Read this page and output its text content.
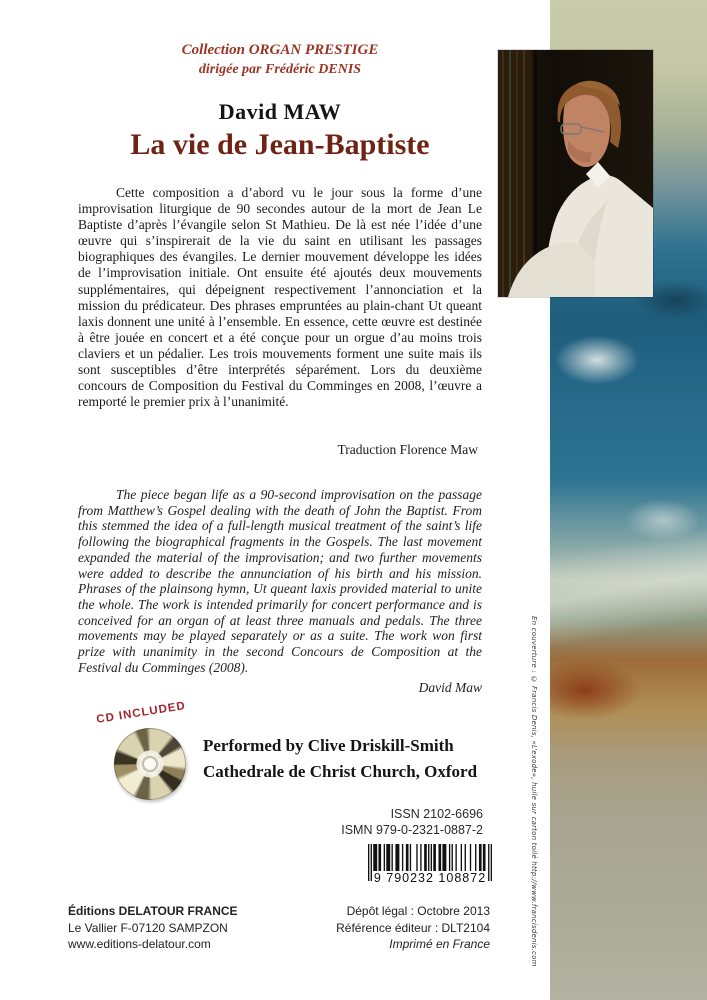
En couverture : © Francis Denis, «L’exode», huile sur carton toilé http://www.francisdenis.com
Collection ORGAN PRESTIGE
dirigée par Frédéric DENIS
David MAW
La vie de Jean-Baptiste
Cette composition a d’abord vu le jour sous la forme d’une improvisation liturgique de 90 secondes autour de la mort de Jean Le Baptiste d’après l’évangile selon St Mathieu. De là est née l’idée d’une œuvre qui s’inspirerait de la vie du saint en utilisant les passages biographiques des évangiles. Le dernier mouvement développe les idées de l’improvisation initiale. Ont ensuite été ajoutés deux mouvements supplémentaires, qui dépeignent respectivement l’annonciation et la mission du prédicateur. Des phrases empruntées au plain-chant Ut queant laxis donnent une unité à l’ensemble. En essence, cette œuvre est destinée à être jouée en concert et a été conçue pour un orgue d’au moins trois claviers et un pédalier. Les trois mouvements forment une suite mais ils sont susceptibles d’être interprétés séparément. Lors du deuxième concours de Composition du Festival du Comminges en 2008, l’œuvre a remporté le premier prix à l’unanimité.
Traduction Florence Maw
The piece began life as a 90-second improvisation on the passage from Matthew’s Gospel dealing with the death of John the Baptist. From this stemmed the idea of a full-length musical treatment of the saint’s life following the biographical fragments in the Gospels. The last movement expanded the material of the improvisation; and two further movements were added to describe the annunciation of his birth and his mission. Phrases of the plainsong hymn, Ut queant laxis provided material to unite the whole. The work is intended primarily for concert performance and is conceived for an organ of at least three manuals and pedals. The three movements may be played separately or as a suite. The work won first prize with unanimity in the second Concours de Composition at the Festival du Comminges (2008).
David Maw
CD INCLUDED
Performed by Clive Driskill-Smith
Cathedrale de Christ Church, Oxford
ISSN 2102-6696
ISMN 979-0-2321-0887-2
9 790232 108872
Éditions DELATOUR FRANCE
Le Vallier F-07120 SAMPZON
www.editions-delatour.com
Dépôt légal : Octobre 2013
Référence éditeur : DLT2104
Imprimé en France
